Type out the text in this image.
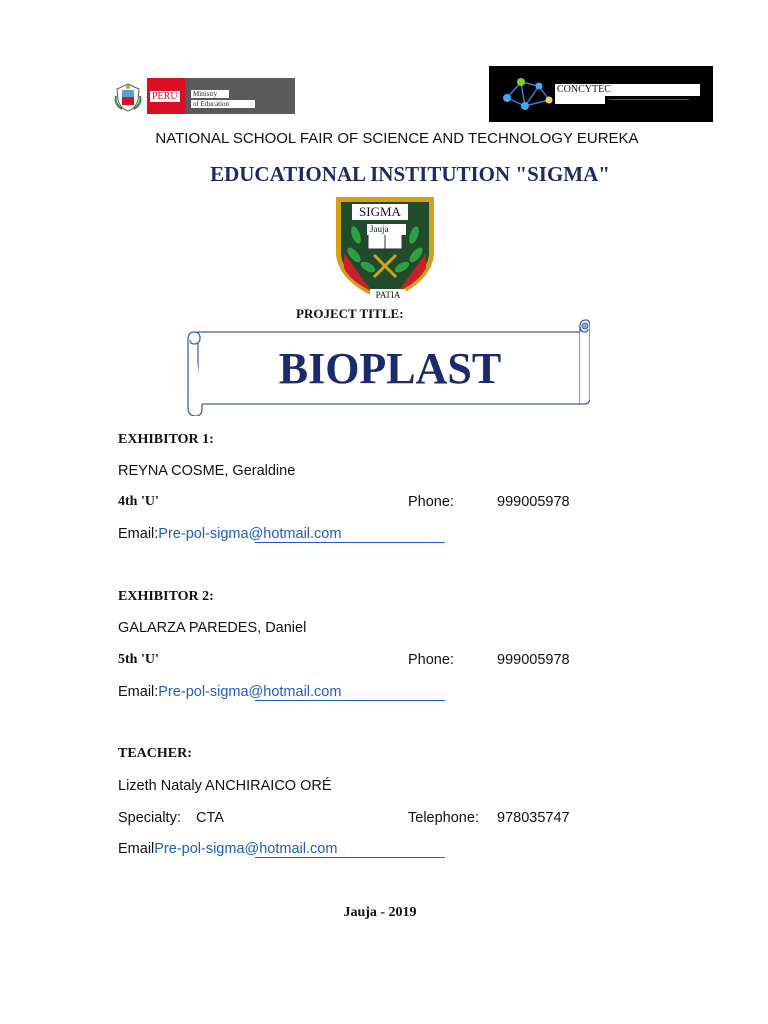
PERU	Ministry
of Education
CONCYTEC
NATIONAL SCHOOL FAIR OF SCIENCE AND TECHNOLOGY EUREKA
EDUCATIONAL INSTITUTION "SIGMA"
SIGMA
Jauja
PATIA
PROJECT TITLE:
BIOPLAST
EXHIBITOR 1:
REYNA COSME, Geraldine
4th 'U'	Phone:	999005978
Email:Pre-pol-sigma@hotmail.com
EXHIBITOR 2:
GALARZA PAREDES, Daniel
5th 'U'	Phone:	999005978
Email:Pre-pol-sigma@hotmail.com
TEACHER:
Lizeth Nataly ANCHIRAICO ORÉ
Specialty: CTA	Telephone: 978035747
EmailPre-pol-sigma@hotmail.com
Jauja - 2019
